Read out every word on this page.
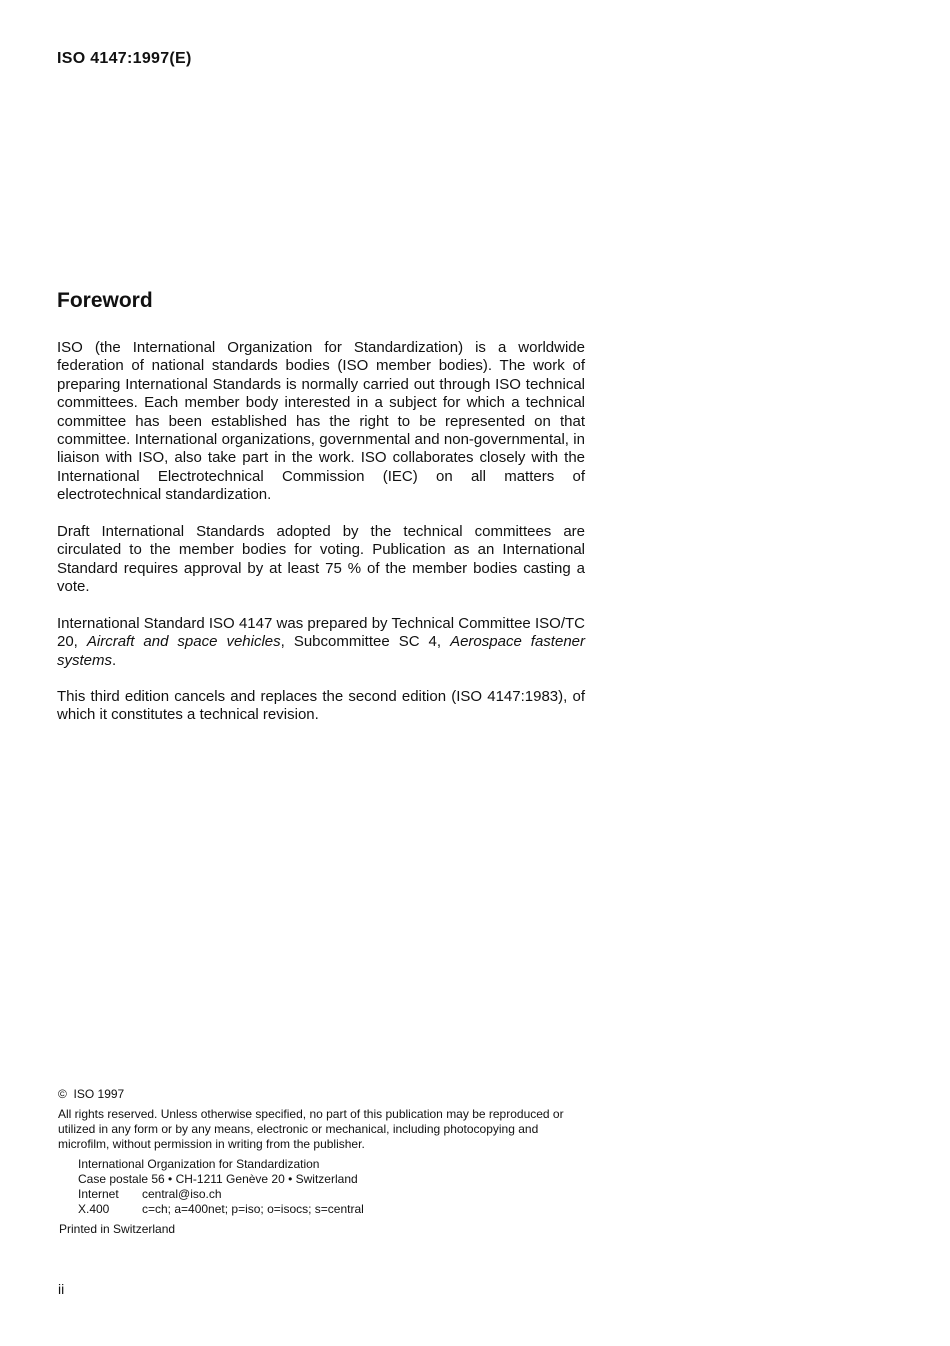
ISO 4147:1997(E)
Foreword

ISO (the International Organization for Standardization) is a worldwide federation of national standards bodies (ISO member bodies). The work of preparing International Standards is normally carried out through ISO technical committees. Each member body interested in a subject for which a technical committee has been established has the right to be represented on that committee. International organizations, governmental and non-governmental, in liaison with ISO, also take part in the work. ISO collaborates closely with the International Electrotechnical Commission (IEC) on all matters of electrotechnical standardization.

Draft International Standards adopted by the technical committees are circulated to the member bodies for voting. Publication as an International Standard requires approval by at least 75 % of the member bodies casting a vote.

International Standard ISO 4147 was prepared by Technical Committee ISO/TC 20, Aircraft and space vehicles, Subcommittee SC 4, Aerospace fastener systems.

This third edition cancels and replaces the second edition (ISO 4147:1983), of which it constitutes a technical revision.

© ISO 1997
All rights reserved. Unless otherwise specified, no part of this publication may be reproduced or utilized in any form or by any means, electronic or mechanical, including photocopying and microfilm, without permission in writing from the publisher.
International Organization for Standardization
Case postale 56 • CH-1211 Genève 20 • Switzerland
Internet central@iso.ch
X.400	c=ch; a=400net; p=iso; o=isocs; s=central
Printed in Switzerland
ii
